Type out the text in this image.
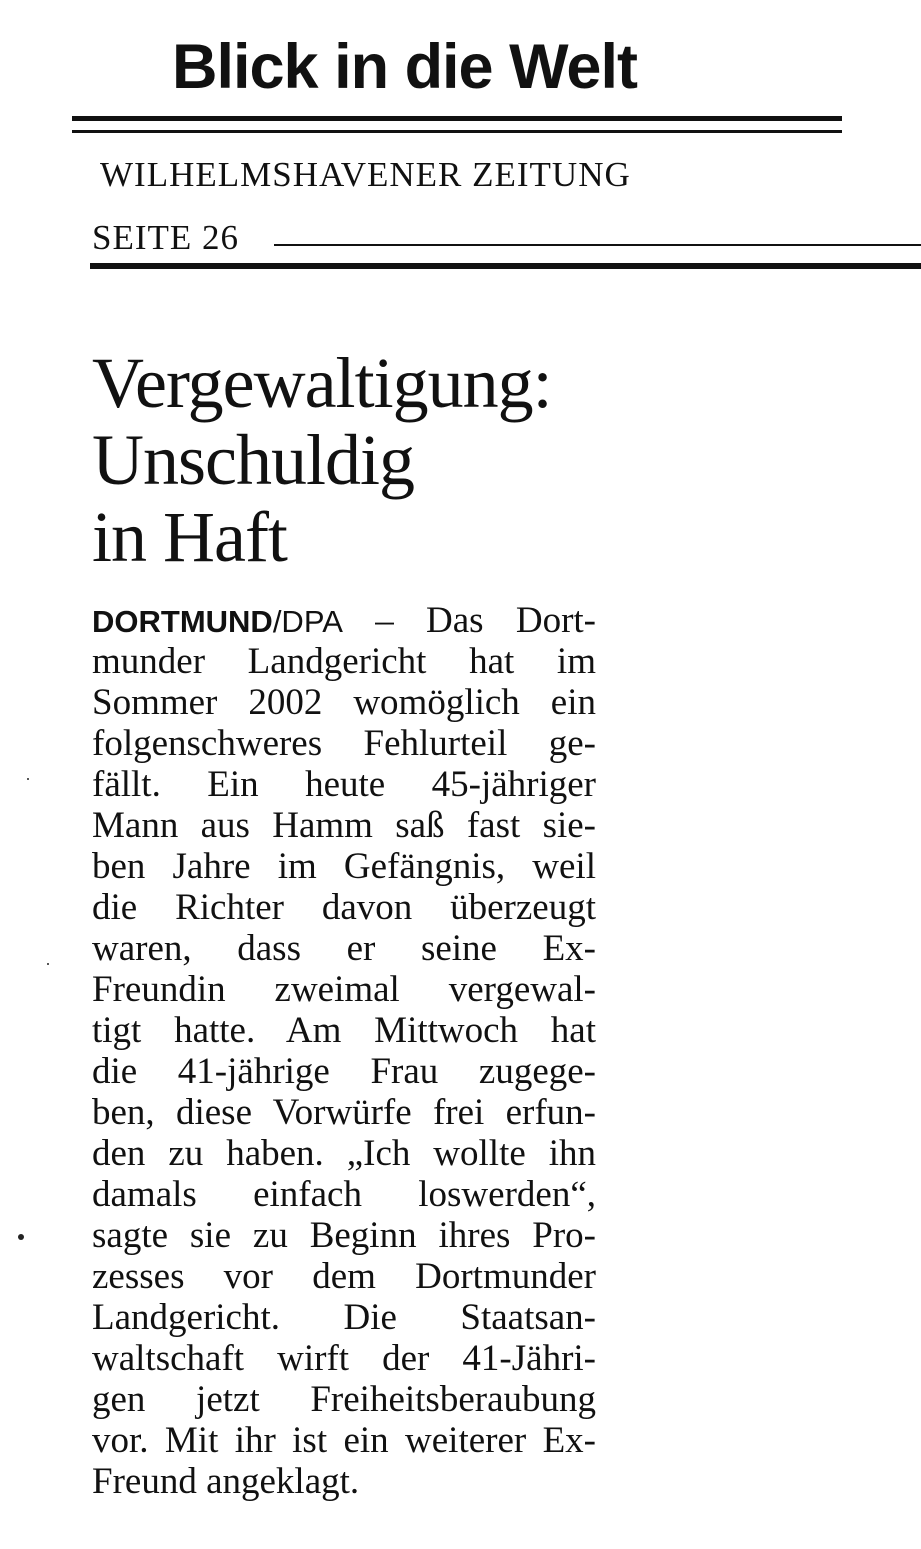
Blick in die Welt
WILHELMSHAVENER ZEITUNG
SEITE 26
Vergewaltigung:
Unschuldig
in Haft
DORTMUND/DPA – Das Dort-
munder Landgericht hat im
Sommer 2002 womöglich ein
folgenschweres Fehlurteil ge-
fällt. Ein heute 45-jähriger
Mann aus Hamm saß fast sie-
ben Jahre im Gefängnis, weil
die Richter davon überzeugt
waren, dass er seine Ex-
Freundin zweimal vergewal-
tigt hatte. Am Mittwoch hat
die 41-jährige Frau zugege-
ben, diese Vorwürfe frei erfun-
den zu haben. „Ich wollte ihn
damals einfach loswerden“,
sagte sie zu Beginn ihres Pro-
zesses vor dem Dortmunder
Landgericht. Die Staatsan-
waltschaft wirft der 41-Jähri-
gen jetzt Freiheitsberaubung
vor. Mit ihr ist ein weiterer Ex-
Freund angeklagt.
